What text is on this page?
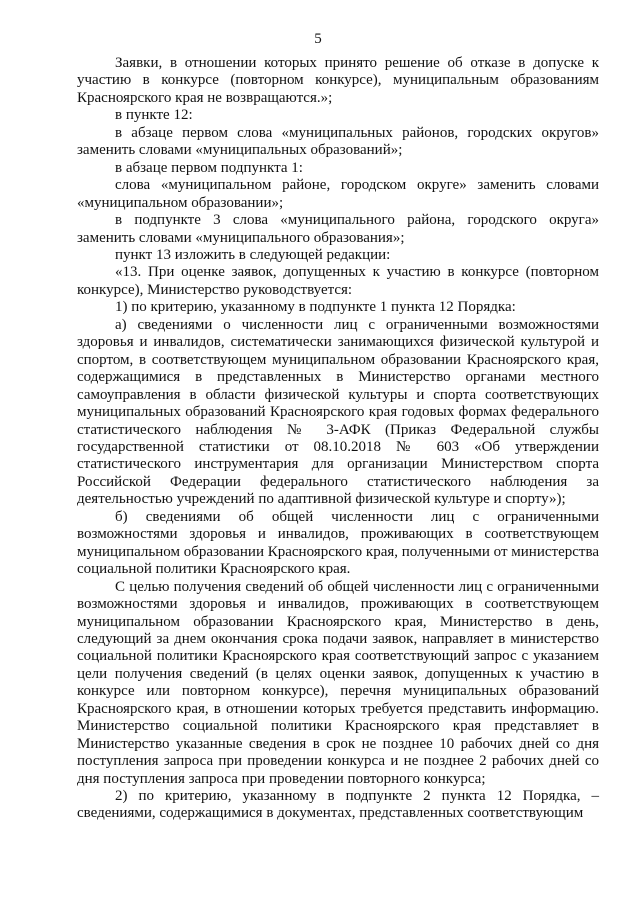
5

Заявки, в отношении которых принято решение об отказе в допуске к участию в конкурсе (повторном конкурсе), муниципальным образованиям Красноярского края не возвращаются.»;

в пункте 12:

в абзаце первом слова «муниципальных районов, городских округов» заменить словами «муниципальных образований»;

в абзаце первом подпункта 1:

слова «муниципальном районе, городском округе» заменить словами «муниципальном образовании»;

в подпункте 3 слова «муниципального района, городского округа» заменить словами «муниципального образования»;

пункт 13 изложить в следующей редакции:

«13. При оценке заявок, допущенных к участию в конкурсе (повторном конкурсе), Министерство руководствуется:

1) по критерию, указанному в подпункте 1 пункта 12 Порядка:

а) сведениями о численности лиц с ограниченными возможностями здоровья и инвалидов, систематически занимающихся физической культурой и спортом, в соответствующем муниципальном образовании Красноярского края, содержащимися в представленных в Министерство органами местного самоуправления в области физической культуры и спорта соответствующих муниципальных образований Красноярского края годовых формах федерального статистического наблюдения № 3-АФК (Приказ Федеральной службы государственной статистики от 08.10.2018 № 603 «Об утверждении статистического инструментария для организации Министерством спорта Российской Федерации федерального статистического наблюдения за деятельностью учреждений по адаптивной физической культуре и спорту»);

б) сведениями об общей численности лиц с ограниченными возможностями здоровья и инвалидов, проживающих в соответствующем муниципальном образовании Красноярского края, полученными от министерства социальной политики Красноярского края.

С целью получения сведений об общей численности лиц с ограниченными возможностями здоровья и инвалидов, проживающих в соответствующем муниципальном образовании Красноярского края, Министерство в день, следующий за днем окончания срока подачи заявок, направляет в министерство социальной политики Красноярского края соответствующий запрос с указанием цели получения сведений (в целях оценки заявок, допущенных к участию в конкурсе или повторном конкурсе), перечня муниципальных образований Красноярского края, в отношении которых требуется представить информацию. Министерство социальной политики Красноярского края представляет в Министерство указанные сведения в срок не позднее 10 рабочих дней со дня поступления запроса при проведении конкурса и не позднее 2 рабочих дней со дня поступления запроса при проведении повторного конкурса;

2) по критерию, указанному в подпункте 2 пункта 12 Порядка, – сведениями, содержащимися в документах, представленных соответствующим
